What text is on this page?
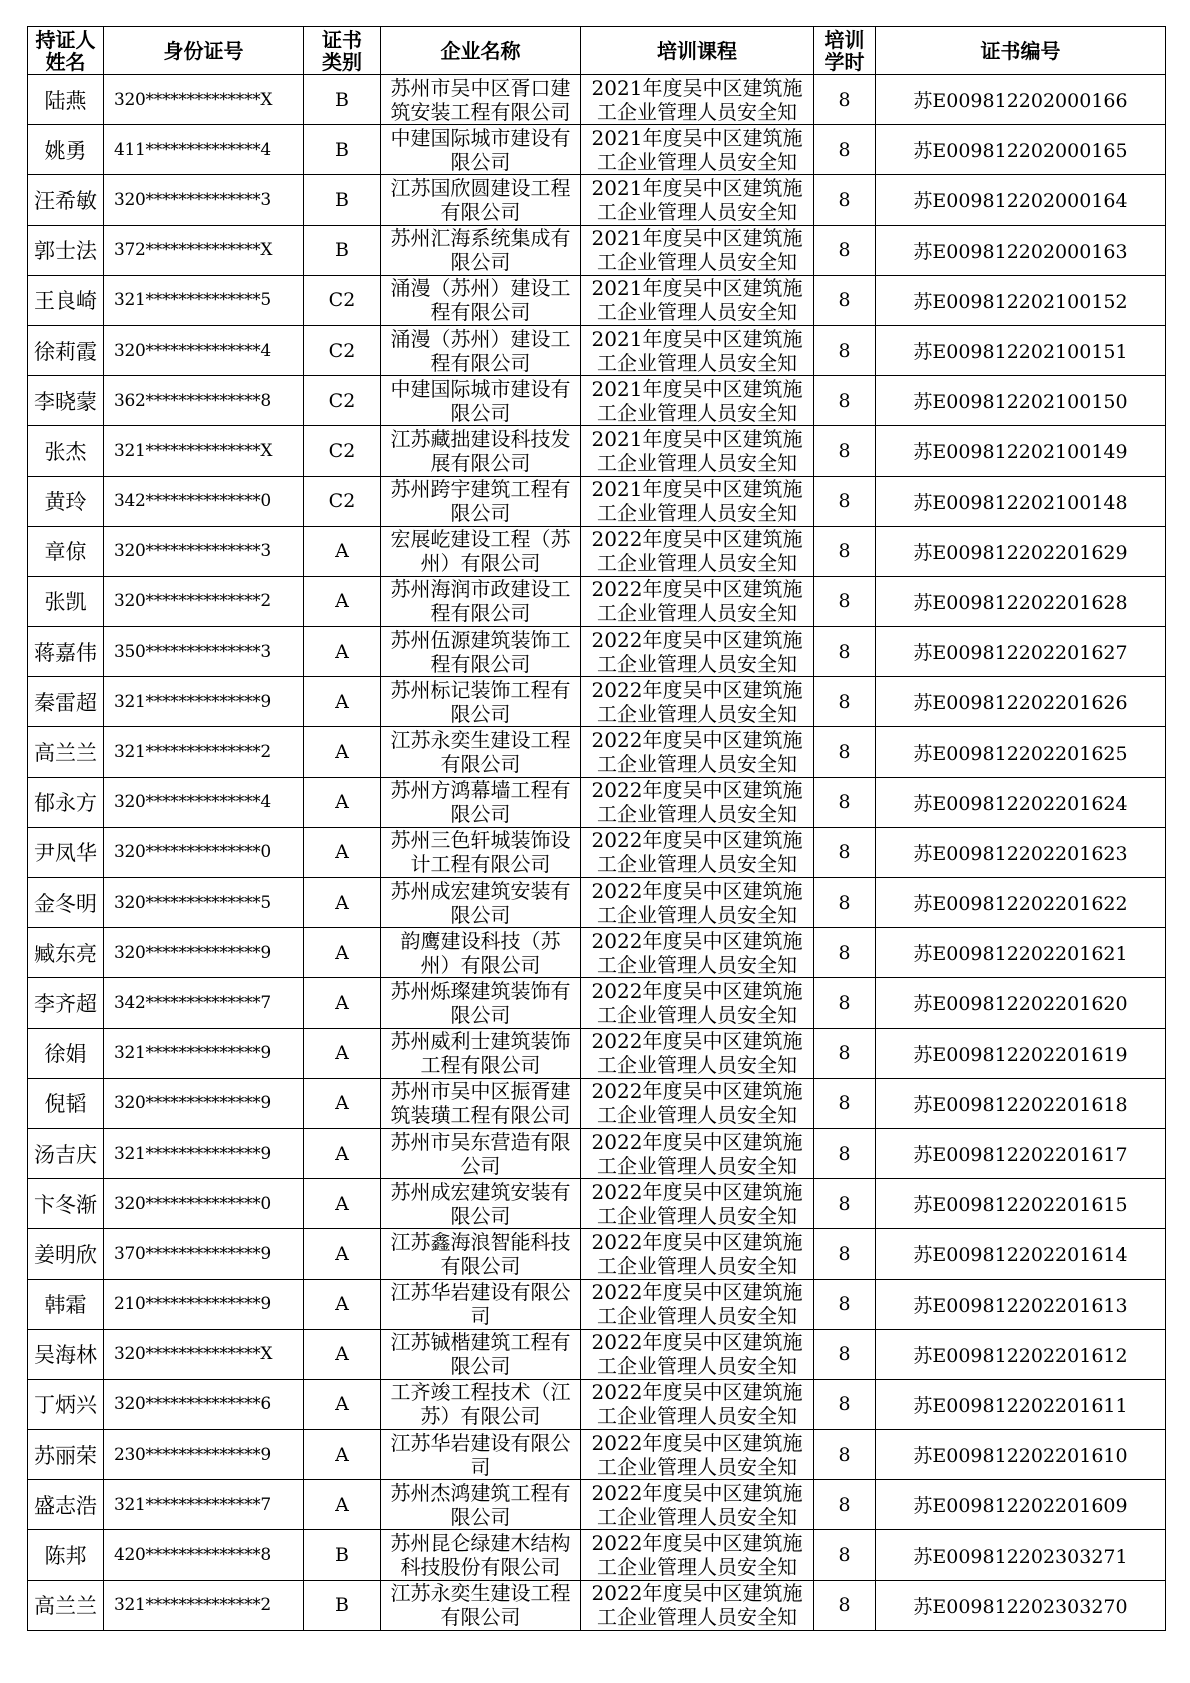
持证人姓名	身份证号	证书类别	企业名称	培训课程	培训学时	证书编号
陆燕	320**************X	B	苏州市吴中区胥口建筑安装工程有限公司	2021年度吴中区建筑施工企业管理人员安全知	8	苏E009812202000166
姚勇	411**************4	B	中建国际城市建设有限公司	2021年度吴中区建筑施工企业管理人员安全知	8	苏E009812202000165
汪希敏	320**************3	B	江苏国欣圆建设工程有限公司	2021年度吴中区建筑施工企业管理人员安全知	8	苏E009812202000164
郭士法	372**************X	B	苏州汇海系统集成有限公司	2021年度吴中区建筑施工企业管理人员安全知	8	苏E009812202000163
王良崎	321**************5	C2	涌漫（苏州）建设工程有限公司	2021年度吴中区建筑施工企业管理人员安全知	8	苏E009812202100152
徐莉霞	320**************4	C2	涌漫（苏州）建设工程有限公司	2021年度吴中区建筑施工企业管理人员安全知	8	苏E009812202100151
李晓蒙	362**************8	C2	中建国际城市建设有限公司	2021年度吴中区建筑施工企业管理人员安全知	8	苏E009812202100150
张杰	321**************X	C2	江苏藏拙建设科技发展有限公司	2021年度吴中区建筑施工企业管理人员安全知	8	苏E009812202100149
黄玲	342**************0	C2	苏州跨宇建筑工程有限公司	2021年度吴中区建筑施工企业管理人员安全知	8	苏E009812202100148
章倞	320**************3	A	宏展屹建设工程（苏州）有限公司	2022年度吴中区建筑施工企业管理人员安全知	8	苏E009812202201629
张凯	320**************2	A	苏州海润市政建设工程有限公司	2022年度吴中区建筑施工企业管理人员安全知	8	苏E009812202201628
蒋嘉伟	350**************3	A	苏州伍源建筑装饰工程有限公司	2022年度吴中区建筑施工企业管理人员安全知	8	苏E009812202201627
秦雷超	321**************9	A	苏州标记装饰工程有限公司	2022年度吴中区建筑施工企业管理人员安全知	8	苏E009812202201626
高兰兰	321**************2	A	江苏永奕生建设工程有限公司	2022年度吴中区建筑施工企业管理人员安全知	8	苏E009812202201625
郁永方	320**************4	A	苏州方鸿幕墙工程有限公司	2022年度吴中区建筑施工企业管理人员安全知	8	苏E009812202201624
尹凤华	320**************0	A	苏州三色轩城装饰设计工程有限公司	2022年度吴中区建筑施工企业管理人员安全知	8	苏E009812202201623
金冬明	320**************5	A	苏州成宏建筑安装有限公司	2022年度吴中区建筑施工企业管理人员安全知	8	苏E009812202201622
臧东亮	320**************9	A	韵鹰建设科技（苏州）有限公司	2022年度吴中区建筑施工企业管理人员安全知	8	苏E009812202201621
李齐超	342**************7	A	苏州烁璨建筑装饰有限公司	2022年度吴中区建筑施工企业管理人员安全知	8	苏E009812202201620
徐娟	321**************9	A	苏州威利士建筑装饰工程有限公司	2022年度吴中区建筑施工企业管理人员安全知	8	苏E009812202201619
倪韬	320**************9	A	苏州市吴中区振胥建筑装璜工程有限公司	2022年度吴中区建筑施工企业管理人员安全知	8	苏E009812202201618
汤吉庆	321**************9	A	苏州市吴东营造有限公司	2022年度吴中区建筑施工企业管理人员安全知	8	苏E009812202201617
卞冬渐	320**************0	A	苏州成宏建筑安装有限公司	2022年度吴中区建筑施工企业管理人员安全知	8	苏E009812202201615
姜明欣	370**************9	A	江苏鑫海浪智能科技有限公司	2022年度吴中区建筑施工企业管理人员安全知	8	苏E009812202201614
韩霜	210**************9	A	江苏华岩建设有限公司	2022年度吴中区建筑施工企业管理人员安全知	8	苏E009812202201613
吴海林	320**************X	A	江苏铖楷建筑工程有限公司	2022年度吴中区建筑施工企业管理人员安全知	8	苏E009812202201612
丁炳兴	320**************6	A	工齐竣工程技术（江苏）有限公司	2022年度吴中区建筑施工企业管理人员安全知	8	苏E009812202201611
苏丽荣	230**************9	A	江苏华岩建设有限公司	2022年度吴中区建筑施工企业管理人员安全知	8	苏E009812202201610
盛志浩	321**************7	A	苏州杰鸿建筑工程有限公司	2022年度吴中区建筑施工企业管理人员安全知	8	苏E009812202201609
陈邦	420**************8	B	苏州昆仑绿建木结构科技股份有限公司	2022年度吴中区建筑施工企业管理人员安全知	8	苏E009812202303271
高兰兰	321**************2	B	江苏永奕生建设工程有限公司	2022年度吴中区建筑施工企业管理人员安全知	8	苏E009812202303270
